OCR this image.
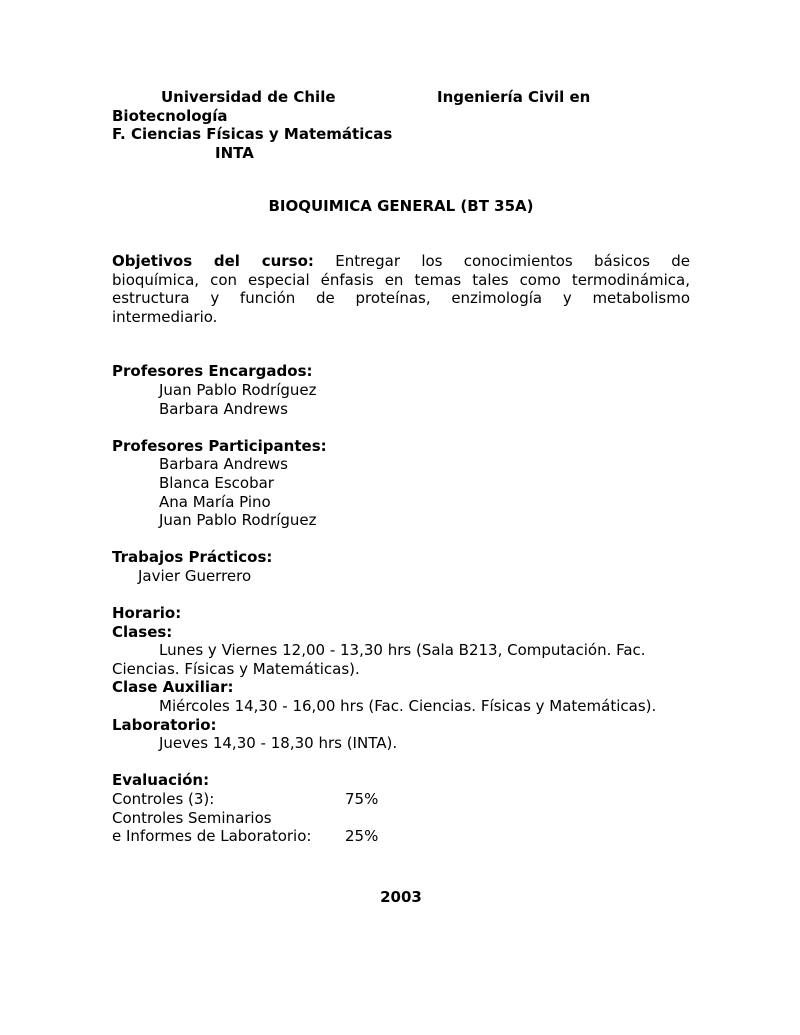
Universidad de Chile	Ingeniería Civil en
Biotecnología
F. Ciencias Físicas y Matemáticas
INTA
BIOQUIMICA GENERAL (BT 35A)
Objetivos del curso: Entregar los conocimientos básicos de
bioquímica, con especial énfasis en temas tales como termodinámica,
estructura y función de proteínas, enzimología y metabolismo
intermediario.
Profesores Encargados:
Juan Pablo Rodríguez
Barbara Andrews
Profesores Participantes:
Barbara Andrews
Blanca Escobar
Ana María Pino
Juan Pablo Rodríguez
Trabajos Prácticos:
Javier Guerrero
Horario:
Clases:
Lunes y Viernes 12,00 - 13,30 hrs (Sala B213, Computación. Fac.
Ciencias. Físicas y Matemáticas).
Clase Auxiliar:
Miércoles 14,30 - 16,00 hrs (Fac. Ciencias. Físicas y Matemáticas).
Laboratorio:
Jueves 14,30 - 18,30 hrs (INTA).
Evaluación:
Controles (3):	75%
Controles Seminarios
e Informes de Laboratorio: 25%
2003
